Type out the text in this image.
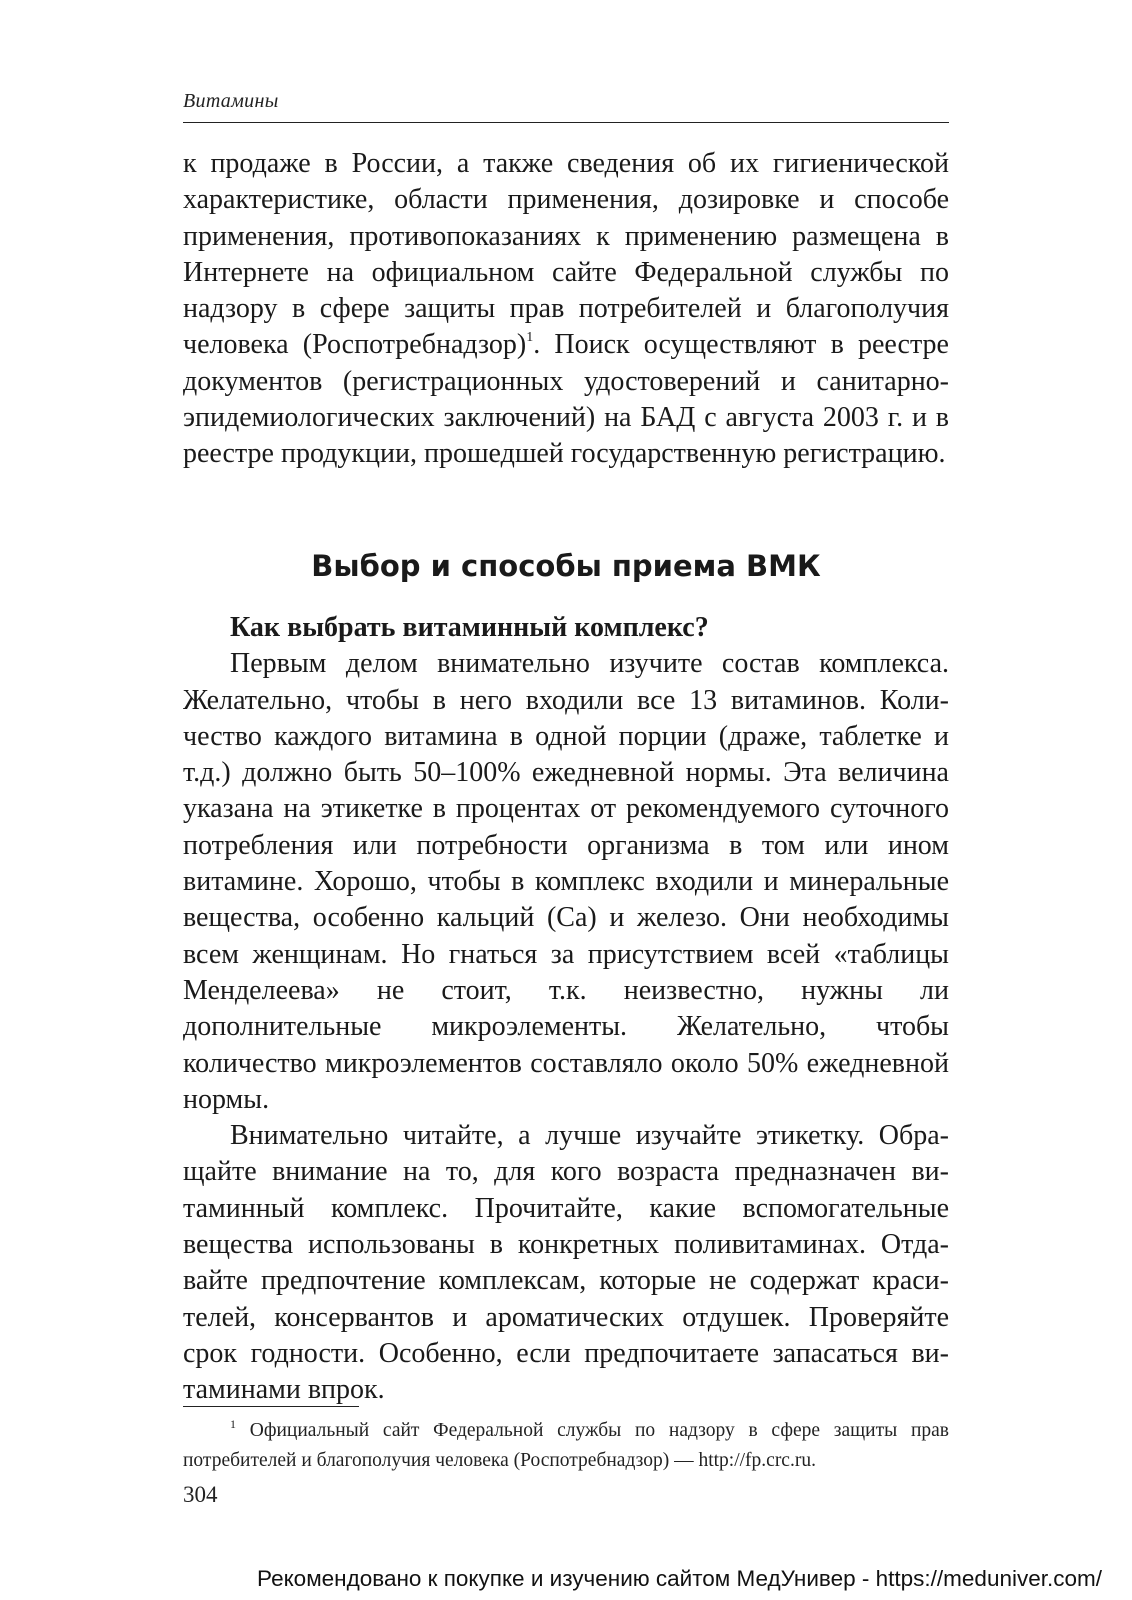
Витамины

к продаже в России, а также сведения об их гигиенической характеристике, области применения, дозировке и способе применения, противопоказаниях к применению размещена в Интернете на официальном сайте Федеральной службы по надзору в сфере защиты прав потребителей и благополучия человека (Роспотребнадзор)$^1$. Поиск осуществляют в реестре документов (регистрационных удостоверений и санитарно-эпидемиологических заключений) на БАД с августа 2003 г. и в реестре продукции, прошедшей государственную регистрацию.

Выбор и способы приема ВМК

Как выбрать витаминный комплекс?

Первым делом внимательно изучите состав комплекса. Желательно, чтобы в него входили все 13 витаминов. Количество каждого витамина в одной порции (драже, таблетке и т.д.) должно быть 50–100% ежедневной нормы. Эта величина указана на этикетке в процентах от рекомендуемого суточного потребления или потребности организма в том или ином витамине. Хорошо, чтобы в комплекс входили и минеральные вещества, особенно кальций (Са) и железо. Они необходимы всем женщинам. Но гнаться за присутствием всей «таблицы Менделеева» не стоит, т.к. неизвестно, нужны ли дополнительные микроэлементы. Желательно, чтобы количество микроэлементов составляло около 50% ежедневной нормы.

Внимательно читайте, а лучше изучайте этикетку. Обращайте внимание на то, для кого возраста предназначен витаминный комплекс. Прочитайте, какие вспомогательные вещества использованы в конкретных поливитаминах. Отдавайте предпочтение комплексам, которые не содержат красителей, консервантов и ароматических отдушек. Проверяйте срок годности. Особенно, если предпочитаете запасаться витаминами впрок.

$^1$ Официальный сайт Федеральной службы по надзору в сфере защиты прав потребителей и благополучия человека (Роспотребнадзор) — http://fp.crc.ru.
304
Рекомендовано к покупке и изучению сайтом МедУнивер - https://meduniver.com/
